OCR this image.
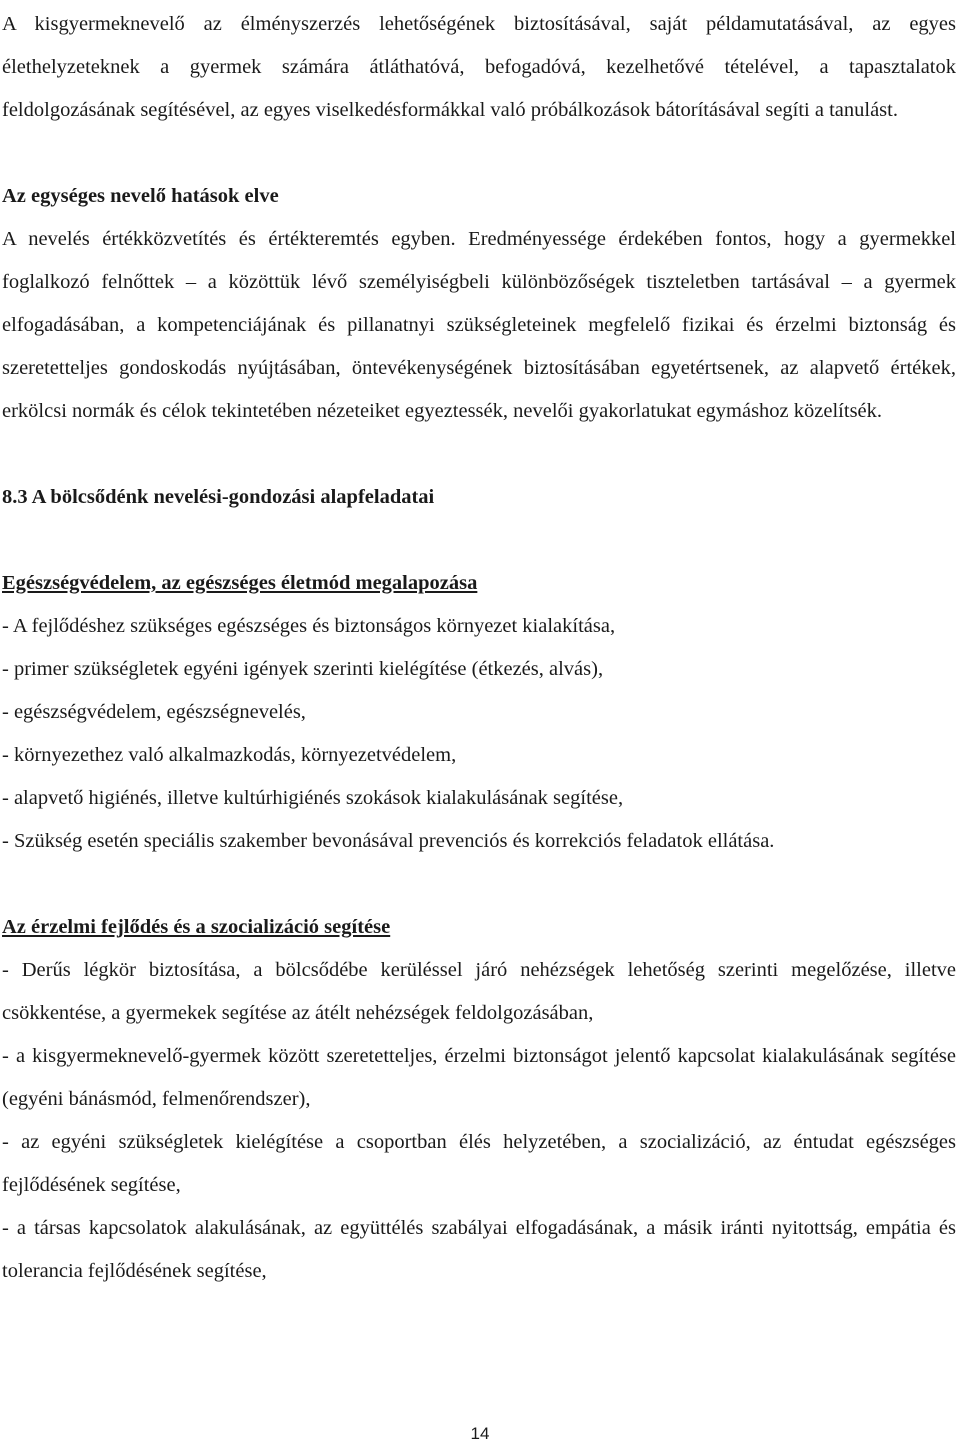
A kisgyermeknevelő az élményszerzés lehetőségének biztosításával, saját példamutatásával, az egyes élethelyzeteknek a gyermek számára átláthatóvá, befogadóvá, kezelhetővé tételével, a tapasztalatok feldolgozásának segítésével, az egyes viselkedésformákkal való próbálkozások bátorításával segíti a tanulást.

Az egységes nevelő hatások elve

A nevelés értékközvetítés és értékteremtés egyben. Eredményessége érdekében fontos, hogy a gyermekkel foglalkozó felnőttek – a közöttük lévő személyiségbeli különbözőségek tiszteletben tartásával – a gyermek elfogadásában, a kompetenciájának és pillanatnyi szükségleteinek megfelelő fizikai és érzelmi biztonság és szeretetteljes gondoskodás nyújtásában, öntevékenységének biztosításában egyetértsenek, az alapvető értékek, erkölcsi normák és célok tekintetében nézeteiket egyeztessék, nevelői gyakorlatukat egymáshoz közelítsék.

8.3 A bölcsődénk nevelési-gondozási alapfeladatai

Egészségvédelem, az egészséges életmód megalapozása

- A fejlődéshez szükséges egészséges és biztonságos környezet kialakítása,

- primer szükségletek egyéni igények szerinti kielégítése (étkezés, alvás),

- egészségvédelem, egészségnevelés,

- környezethez való alkalmazkodás, környezetvédelem,

- alapvető higiénés, illetve kultúrhigiénés szokások kialakulásának segítése,

- Szükség esetén speciális szakember bevonásával prevenciós és korrekciós feladatok ellátása.

Az érzelmi fejlődés és a szocializáció segítése

- Derűs légkör biztosítása, a bölcsődébe kerüléssel járó nehézségek lehetőség szerinti megelőzése, illetve csökkentése, a gyermekek segítése az átélt nehézségek feldolgozásában,

- a kisgyermeknevelő-gyermek között szeretetteljes, érzelmi biztonságot jelentő kapcsolat kialakulásának segítése (egyéni bánásmód, felmenőrendszer),

- az egyéni szükségletek kielégítése a csoportban élés helyzetében, a szocializáció, az éntudat egészséges fejlődésének segítése,

- a társas kapcsolatok alakulásának, az együttélés szabályai elfogadásának, a másik iránti nyitottság, empátia és tolerancia fejlődésének segítése,

14
